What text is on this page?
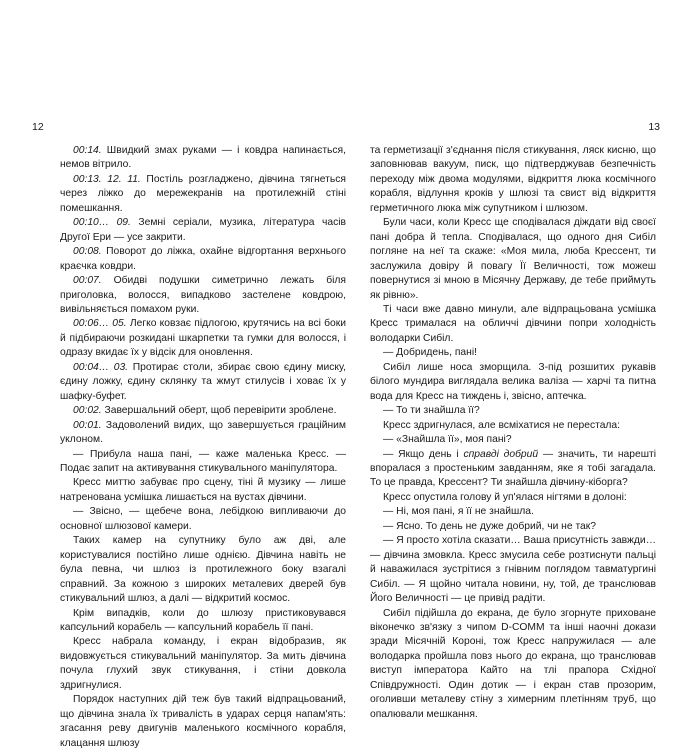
12	13

00:14. Швидкий змах руками — і ковдра напинається, немов вітрило.

00:13. 12. 11. Постіль розгладжено, дівчина тягнеться через ліжко до мережекранів на протилежній стіні помешкання.

00:10… 09. Земні серіали, музика, література часів Другої Ери — усе закрити.

00:08. Поворот до ліжка, охайне відгортання верхнього краєчка ковдри.

00:07. Обидві подушки симетрично лежать біля приголовка, волосся, випадково застелене ковдрою, вивільняється помахом руки.

00:06… 05. Легко ковзає підлогою, крутячись на всі боки й підбираючи розкидані шкарпетки та гумки для волосся, і одразу вкидає їх у відсік для оновлення.

00:04… 03. Протирає столи, збирає свою єдину миску, єдину ложку, єдину склянку та жмут стилусів і ховає їх у шафку-буфет.

00:02. Завершальний оберт, щоб перевірити зроблене.

00:01. Задоволений видих, що завершується граційним уклоном.

— Прибула наша пані, — каже маленька Кресс. — Подає запит на активування стикувального маніпулятора.

Кресс миттю забуває про сцену, тіні й музику — лише натренована усмішка лишається на вустах дівчини.

— Звісно, — щебече вона, лебідкою випливаючи до основної шлюзової камери.

Таких камер на супутнику було аж дві, але користувалися постійно лише однією. Дівчина навіть не була певна, чи шлюз із протилежного боку взагалі справний. За кожною з широких металевих дверей був стикувальний шлюз, а далі — відкритий космос.

Крім випадків, коли до шлюзу пристиковувався капсульний корабель — капсульний корабель її пані.

Кресс набрала команду, і екран відобразив, як видовжується стикувальний маніпулятор. За мить дівчина почула глухий звук стикування, і стіни довкола здригнулися.

Порядок наступних дій теж був такий відпрацьований, що дівчина знала їх тривалість в ударах серця напам'ять: згасання реву двигунів маленького космічного корабля, клацання шлюзу

та герметизації з'єднання після стикування, ляск кисню, що заповнював вакуум, писк, що підтверджував безпечність переходу між двома модулями, відкриття люка космічного корабля, відлуння кроків у шлюзі та свист від відкриття герметичного люка між супутником і шлюзом.

Були часи, коли Кресс ще сподівалася діждати від своєї пані добра й тепла. Сподівалася, що одного дня Сибіл погляне на неї та скаже: «Моя мила, люба Крессент, ти заслужила довіру й повагу Її Величності, тож можеш повернутися зі мною в Місячну Державу, де тебе приймуть як рівню».

Ті часи вже давно минули, але відпрацьована усмішка Кресс трималася на обличчі дівчини попри холодність володарки Сибіл.

— Добридень, пані!

Сибіл лише носа зморщила. З-під розшитих рукавів білого мундира виглядала велика валіза — харчі та питна вода для Кресс на тиждень і, звісно, аптечка.

— То ти знайшла її?

Кресс здригнулася, але всміхатися не перестала:

— «Знайшла її», моя пані?

— Якщо день і справді добрий — значить, ти нарешті впоралася з простеньким завданням, яке я тобі загадала. То це правда, Крессент? Ти знайшла дівчину-кіборга?

Кресс опустила голову й уп'ялася нігтями в долоні:

— Ні, моя пані, я її не знайшла.

— Ясно. То день не дуже добрий, чи не так?

— Я просто хотіла сказати… Ваша присутність завжди… — дівчина змовкла. Кресс змусила себе розтиснути пальці й наважилася зустрітися з гнівним поглядом тавматургині Сибіл. — Я щойно читала новини, ну, той, де транслював Його Величності — це привід радіти.

Сибіл підійшла до екрана, де було згорнуте приховане віконечко зв'язку з чипом D-COMM та інші наочні докази зради Місячній Короні, тож Кресс напружилася — але володарка пройшла повз нього до екрана, що транслював виступ імператора Кайто на тлі прапора Східної Співдружності. Один дотик — і екран став прозорим, оголивши металеву стіну з химерним плетінням труб, що опалювали мешкання.
